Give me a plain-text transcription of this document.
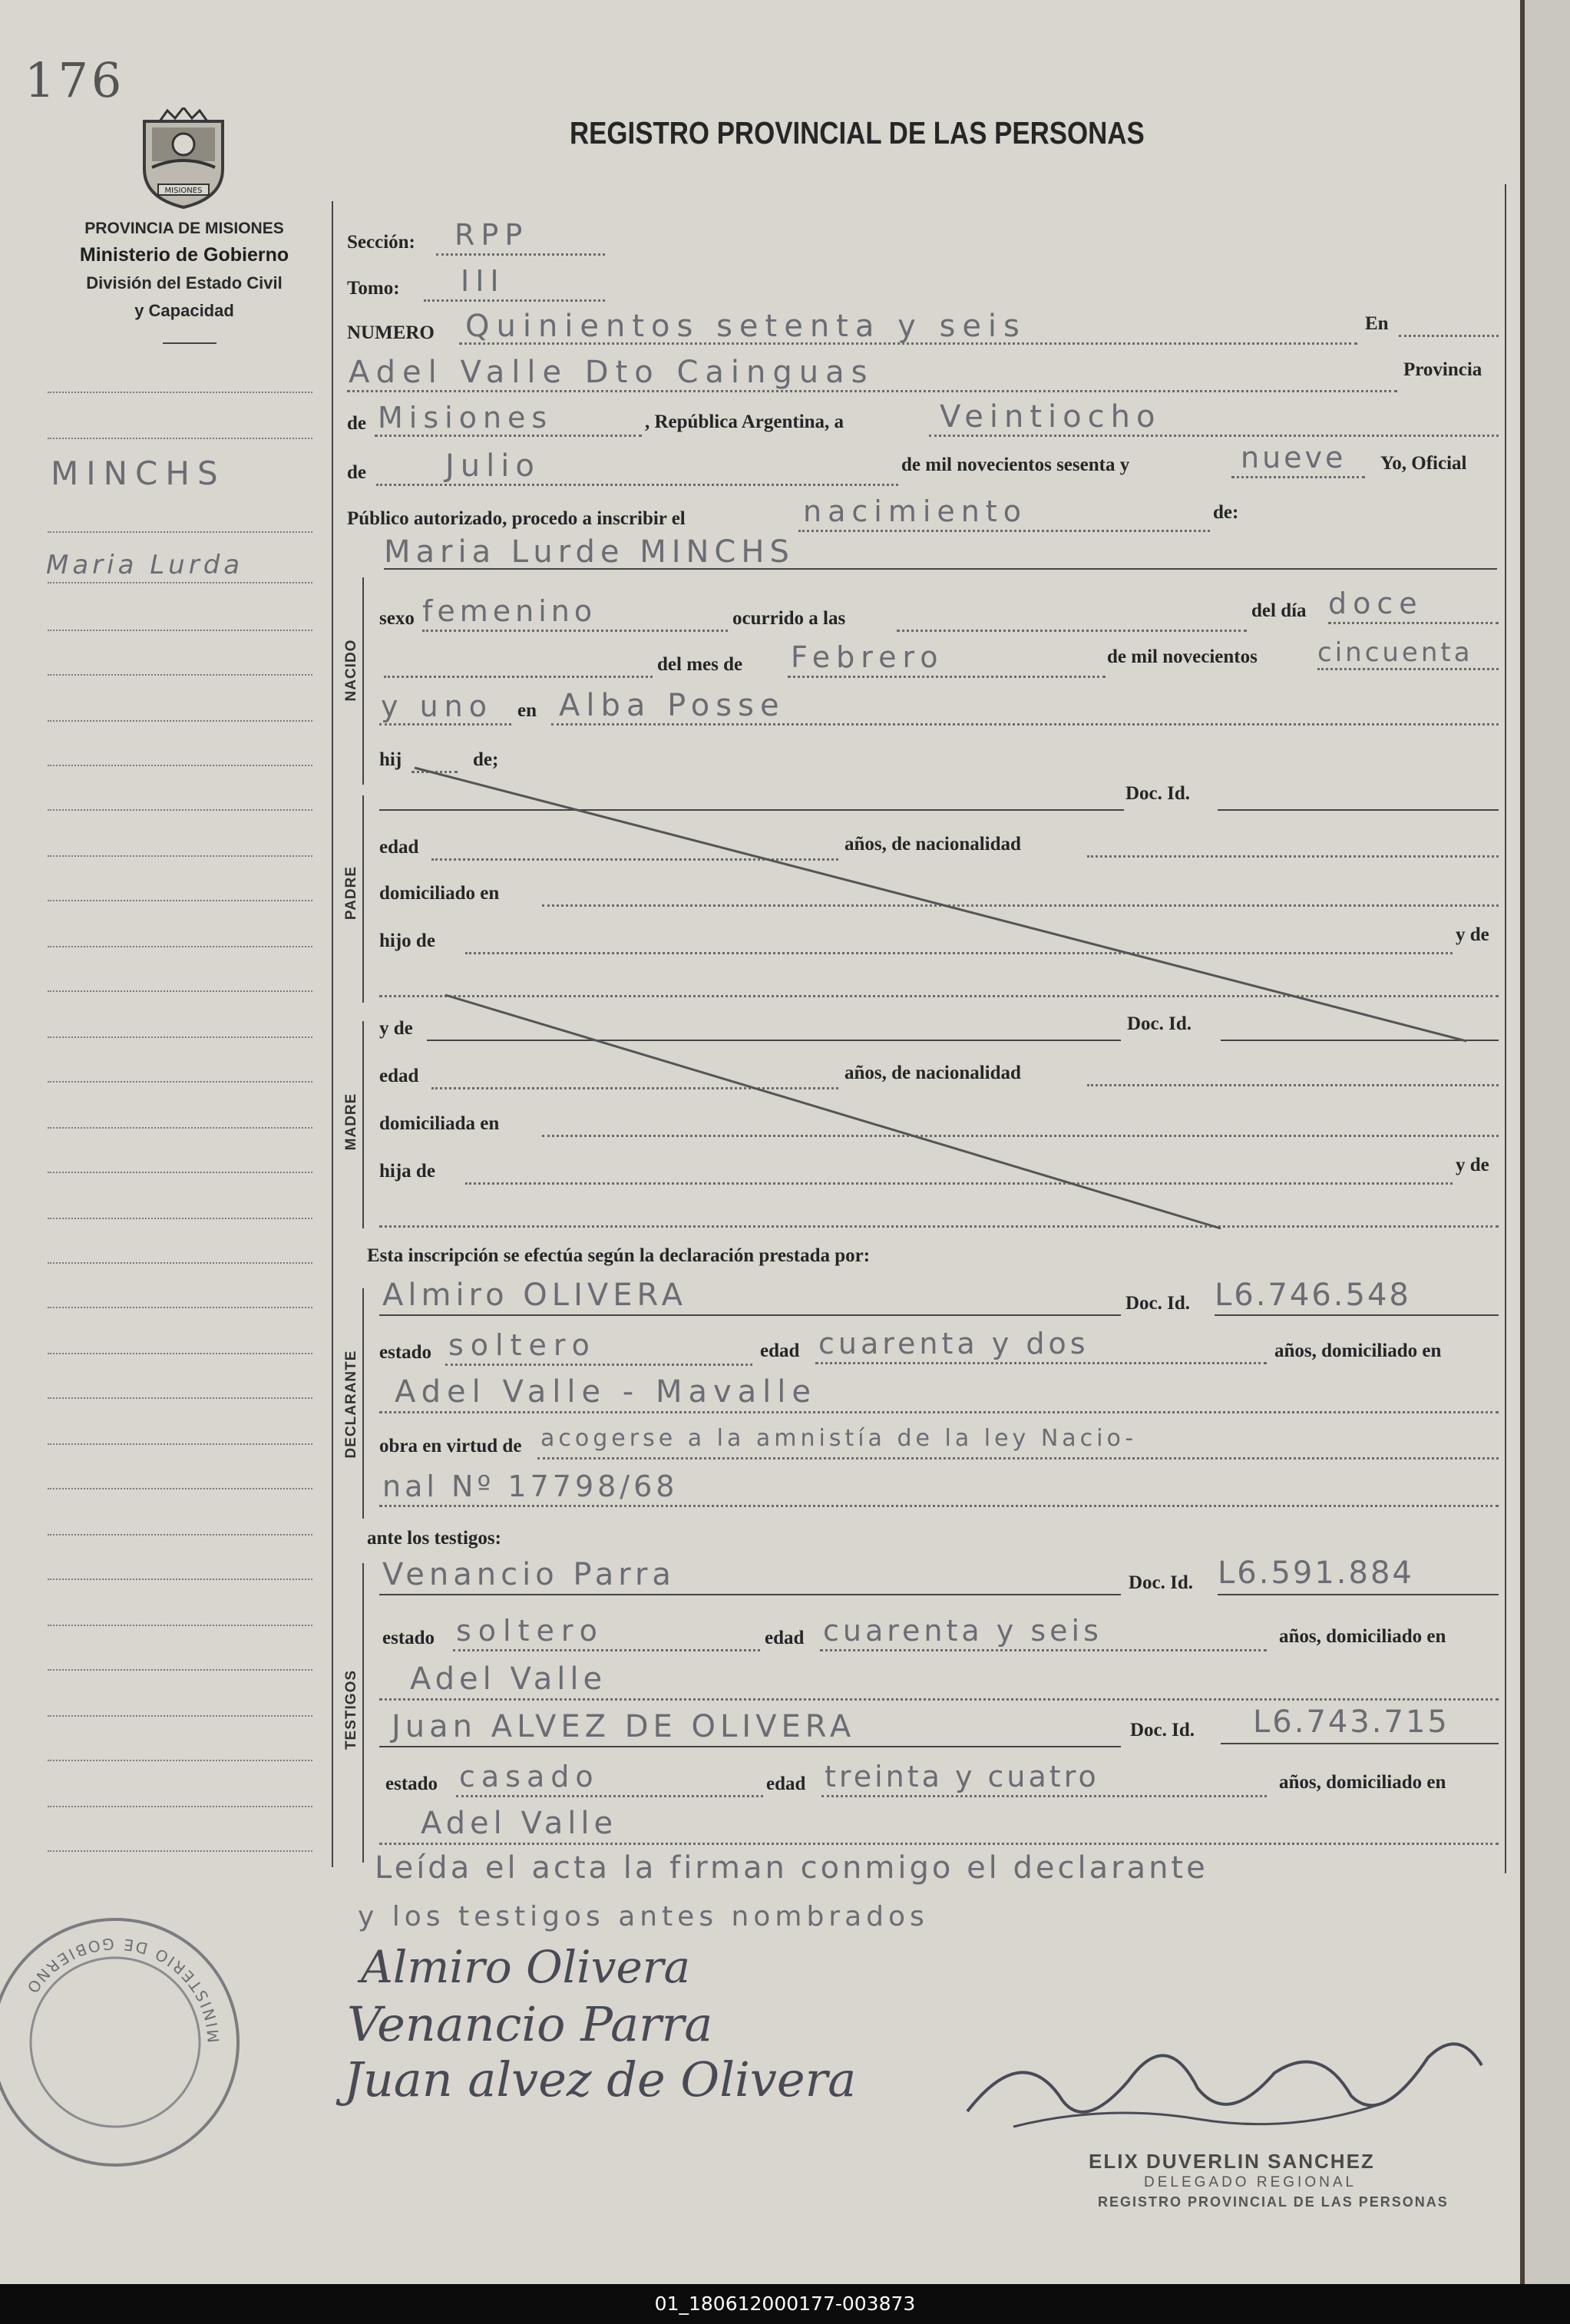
176
MISIONES
PROVINCIA DE MISIONES
Ministerio de Gobierno
División del Estado Civil
y Capacidad
REGISTRO PROVINCIAL DE LAS PERSONAS
MINCHS
Maria Lurda
Sección: RPP
Tomo: III
NUMERO Quinientos setenta y seis	En
Adel Valle Dto Cainguas	Provincia
de Misiones	, República Argentina, a	Veintiocho
de	Julio	de mil novecientos sesenta y	nueve Yo, Oficial
Público autorizado, procedo a inscribir el	nacimiento	de:
NACIDO
Maria Lurde MINCHS
sexo femenino	ocurrido a las	del día doce
del mes de Febrero	de mil novecientos cincuenta
y uno en Alba Posse
hij	de;
PADRE
Doc. Id.
edad	años, de nacionalidad
domiciliado en
hijo de	y de
MADRE
y de	Doc. Id.
edad	años, de nacionalidad
domiciliada en
hija de	y de
Esta inscripción se efectúa según la declaración prestada por:
DECLARANTE
Almiro OLIVERA	Doc. Id. L6.746.548
estado soltero	edad cuarenta y dos	años, domiciliado en
Adel Valle - Mavalle
obra en virtud de acogerse a la amnistía de la ley Nacio-
nal Nº 17798/68
ante los testigos:
TESTIGOS
Venancio Parra	Doc. Id. L6.591.884
estado soltero	edad cuarenta y seis	años, domiciliado en
Adel Valle
Juan ALVEZ DE OLIVERA	Doc. Id. L6.743.715
estado casado	edad treinta y cuatro	años, domiciliado en
Adel Valle
Leída el acta la firman conmigo el declarante
y los testigos antes nombrados
Almiro Olivera
Venancio Parra
Juan alvez de Olivera
MINISTERIO DE GOBIERNO
ELIX DUVERLIN SANCHEZ
DELEGADO REGIONAL
REGISTRO PROVINCIAL DE LAS PERSONAS
01_180612000177-003873
